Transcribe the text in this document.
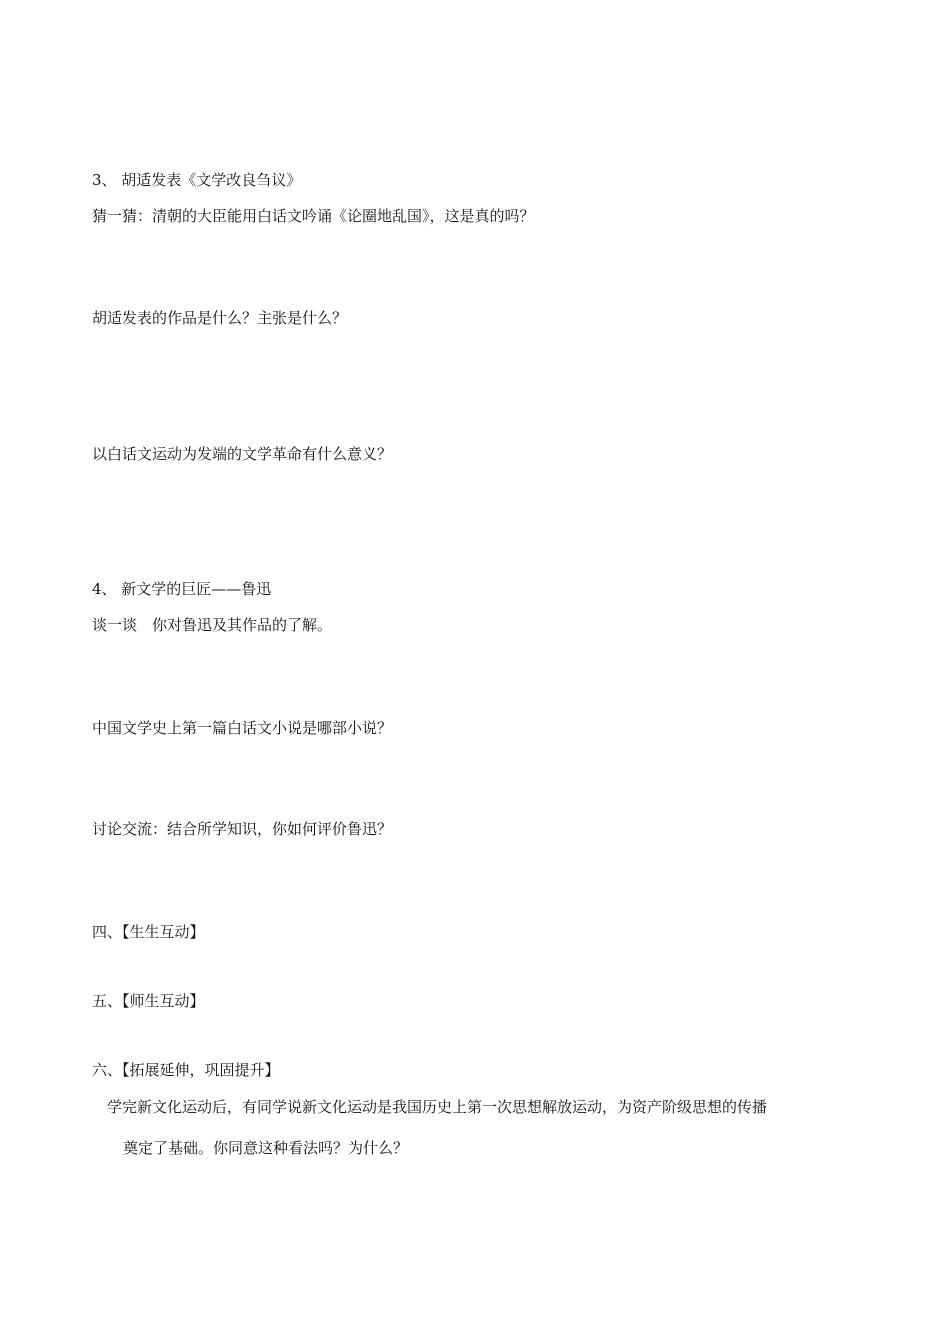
3、 胡适发表《文学改良刍议》
猜一猜：清朝的大臣能用白话文吟诵《论圈地乱国》，这是真的吗？
胡适发表的作品是什么？主张是什么？
以白话文运动为发端的文学革命有什么意义？
4、 新文学的巨匠——鲁迅
谈一谈　你对鲁迅及其作品的了解。
中国文学史上第一篇白话文小说是哪部小说？
讨论交流：结合所学知识，你如何评价鲁迅？
四、【生生互动】
五、【师生互动】
六、【拓展延伸，巩固提升】
学完新文化运动后，有同学说新文化运动是我国历史上第一次思想解放运动，为资产阶级思想的传播
奠定了基础。你同意这种看法吗？为什么？
